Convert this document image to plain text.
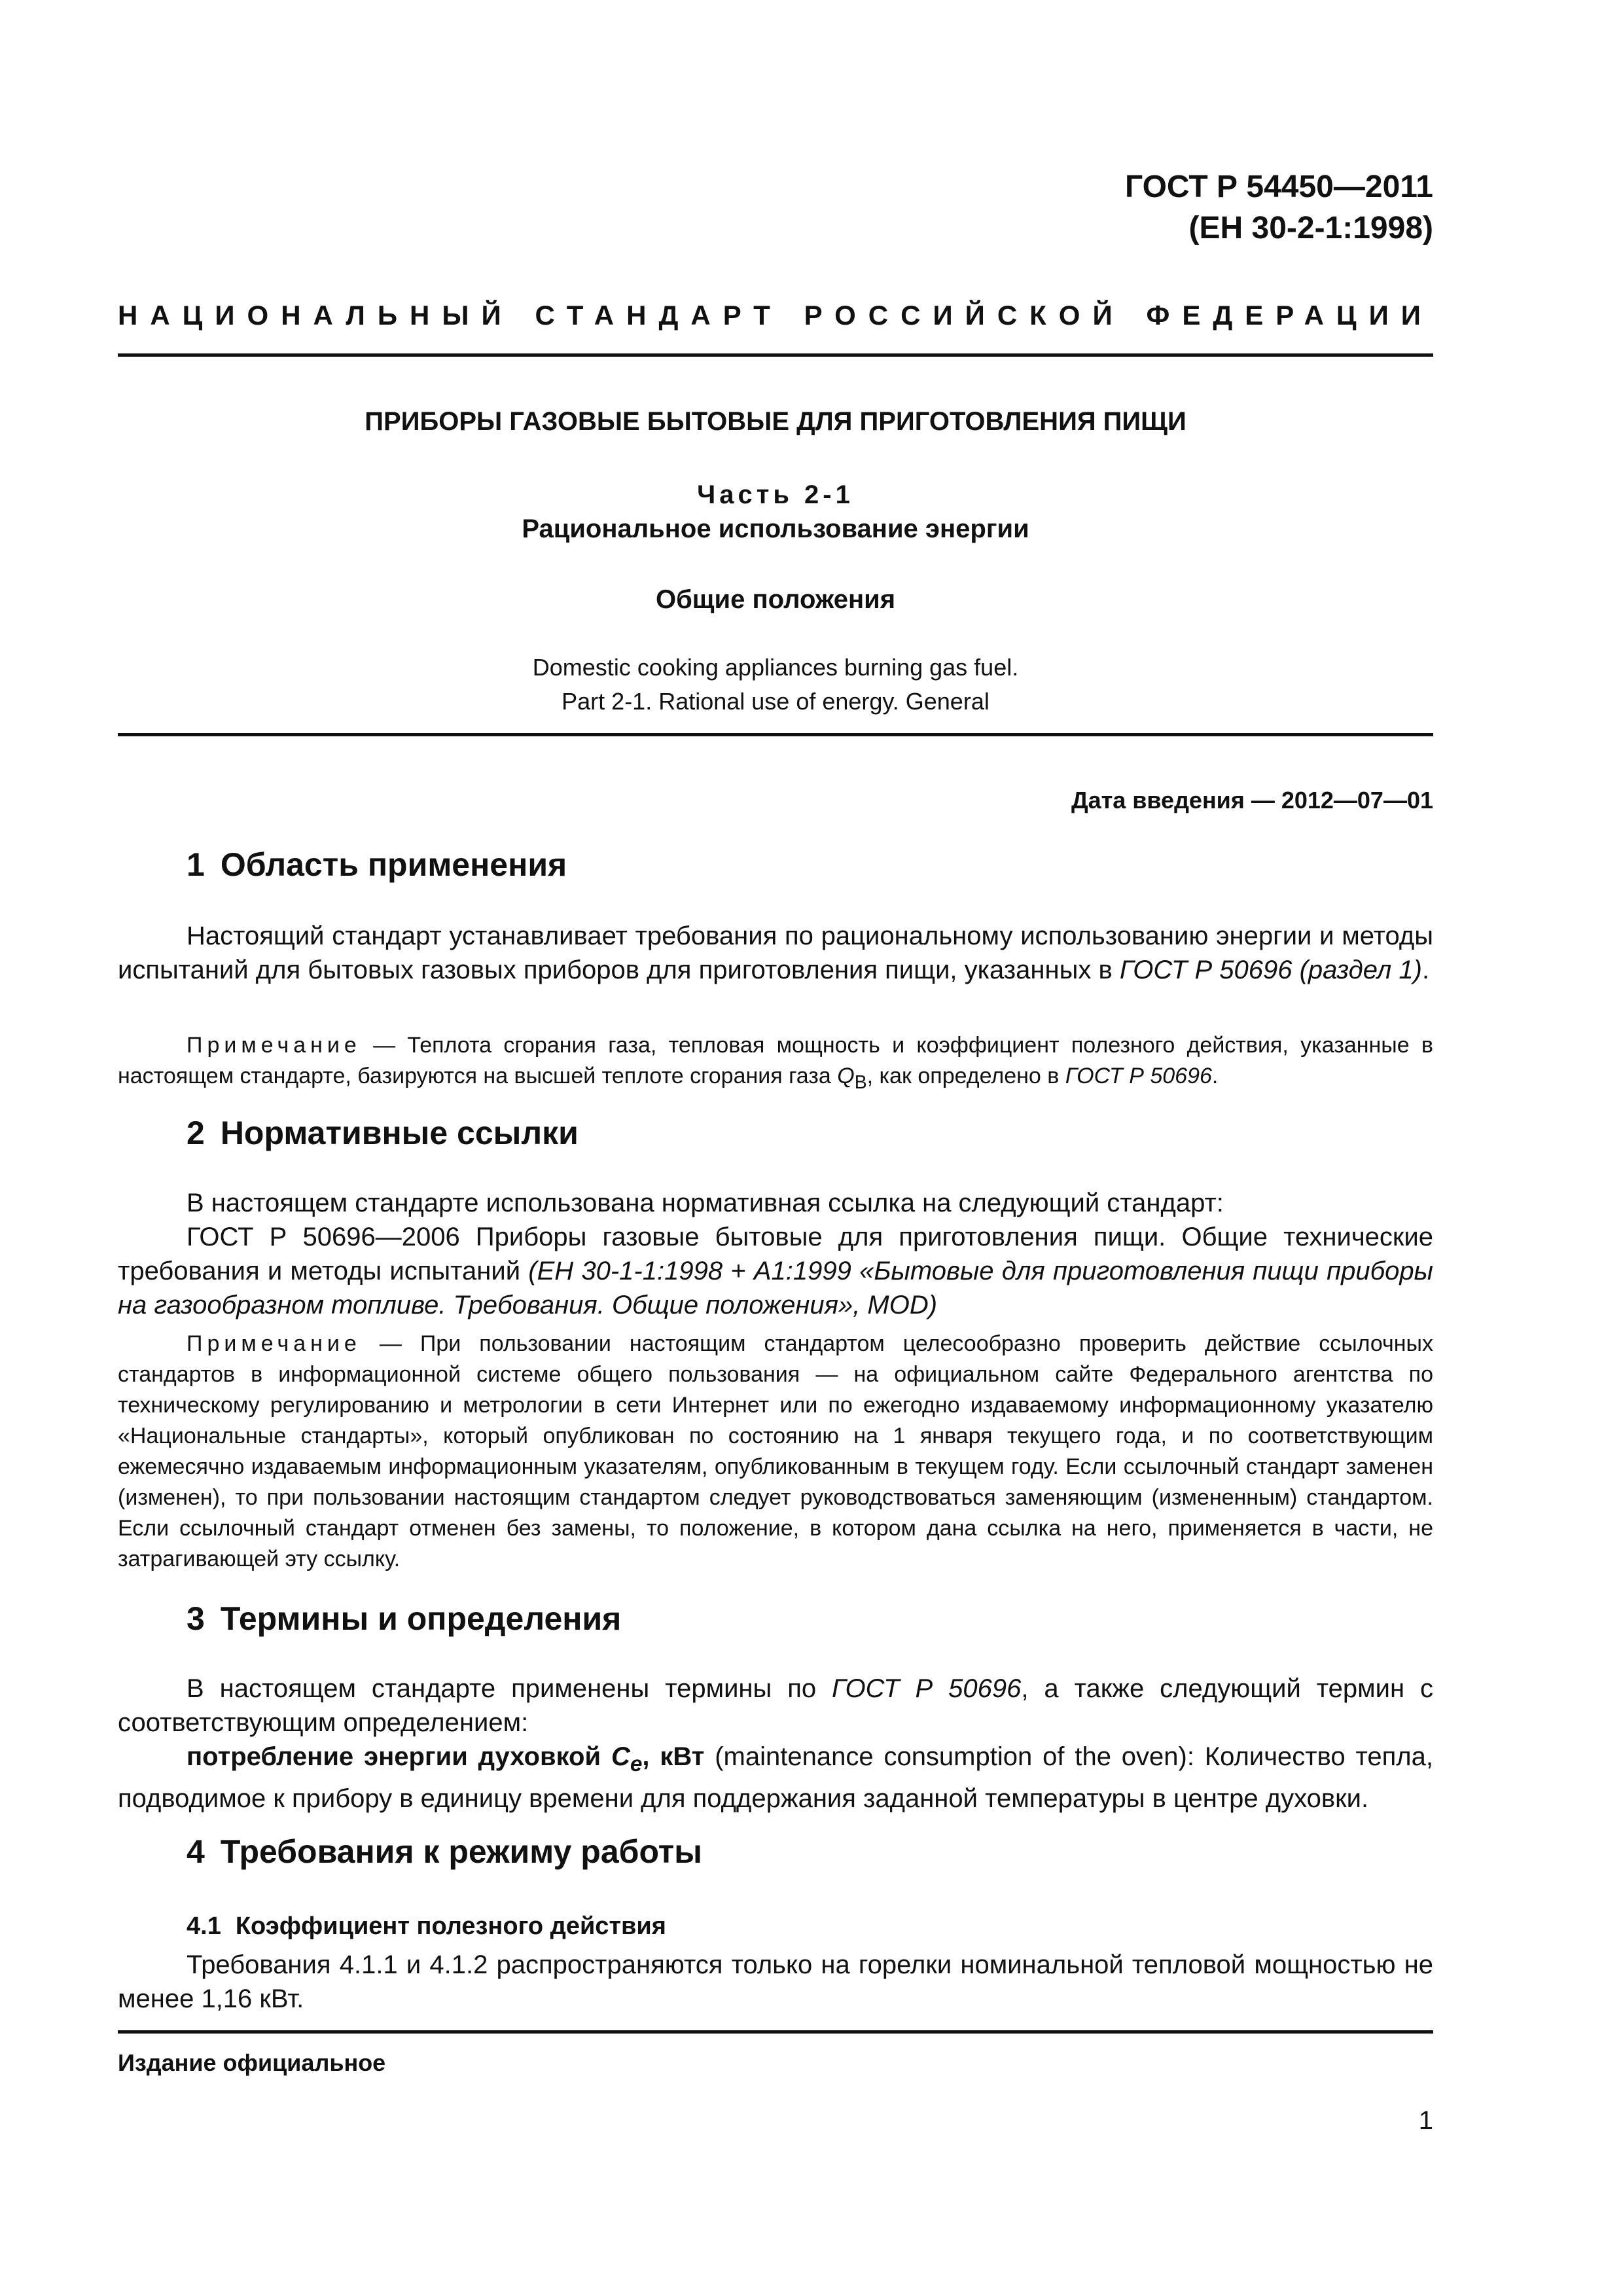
ГОСТ Р 54450—2011
(ЕН 30-2-1:1998)
НАЦИОНАЛЬНЫЙ СТАНДАРТ РОССИЙСКОЙ ФЕДЕРАЦИИ
ПРИБОРЫ ГАЗОВЫЕ БЫТОВЫЕ ДЛЯ ПРИГОТОВЛЕНИЯ ПИЩИ
Часть 2-1
Рациональное использование энергии
Общие положения
Domestic cooking appliances burning gas fuel.
Part 2-1. Rational use of energy. General
Дата введения — 2012—07—01
1 Область применения

Настоящий стандарт устанавливает требования по рациональному использованию энергии и методы испытаний для бытовых газовых приборов для приготовления пищи, указанных в ГОСТ Р 50696 (раздел 1).

Примечание — Теплота сгорания газа, тепловая мощность и коэффициент полезного действия, указанные в настоящем стандарте, базируются на высшей теплоте сгорания газа $Q_B$, как определено в ГОСТ Р 50696.

2 Нормативные ссылки

В настоящем стандарте использована нормативная ссылка на следующий стандарт:

ГОСТ Р 50696—2006 Приборы газовые бытовые для приготовления пищи. Общие технические требования и методы испытаний (ЕН 30-1-1:1998 + А1:1999 «Бытовые для приготовления пищи приборы на газообразном топливе. Требования. Общие положения», MOD)

Примечание — При пользовании настоящим стандартом целесообразно проверить действие ссылочных стандартов в информационной системе общего пользования — на официальном сайте Федерального агентства по техническому регулированию и метрологии в сети Интернет или по ежегодно издаваемому информационному указателю «Национальные стандарты», который опубликован по состоянию на 1 января текущего года, и по соответствующим ежемесячно издаваемым информационным указателям, опубликованным в текущем году. Если ссылочный стандарт заменен (изменен), то при пользовании настоящим стандартом следует руководствоваться заменяющим (измененным) стандартом. Если ссылочный стандарт отменен без замены, то положение, в котором дана ссылка на него, применяется в части, не затрагивающей эту ссылку.

3 Термины и определения

В настоящем стандарте применены термины по ГОСТ Р 50696, а также следующий термин с соответствующим определением:

потребление энергии духовкой $C_e$, кВт (maintenance consumption of the oven): Количество тепла, подводимое к прибору в единицу времени для поддержания заданной температуры в центре духовки.

4 Требования к режиму работы
4.1 Коэффициент полезного действия

Требования 4.1.1 и 4.1.2 распространяются только на горелки номинальной тепловой мощностью не менее 1,16 кВт.

Издание официальное
1
